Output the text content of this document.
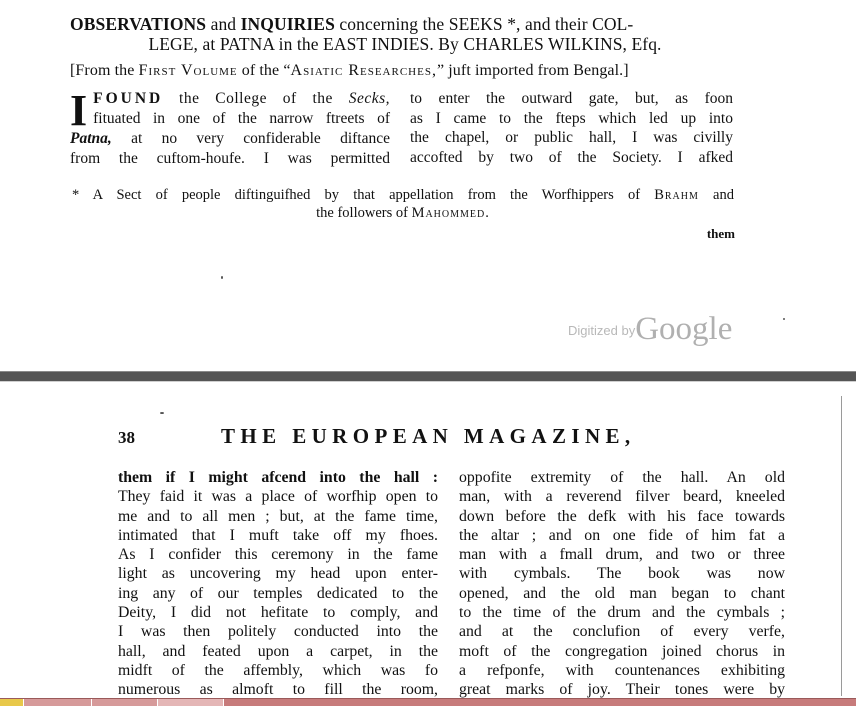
OBSERVATIONS and INQUIRIES concerning the SEEKS *, and their COL-
LEGE, at PATNA in the EAST INDIES. By CHARLES WILKINS, Efq.
[From the First Volume of the “Asiatic Researches,” juft imported from Bengal.]
I FOUND the College of the Secks,
fituated in one of the narrow ftreets of
Patna, at no very confiderable diftance
from the cuftom-houfe. I was permitted
to enter the outward gate, but, as foon
as I came to the fteps which led up into
the chapel, or public hall, I was civilly
accofted by two of the Society. I afked
* A Sect of people diftinguifhed by that appellation from the Worfhippers of Brahm and
the followers of Mahommed.
them
$^{Digitized by}$Google
38	THE EUROPEAN MAGAZINE,
them if I might afcend into the hall :
They faid it was a place of worfhip open to
me and to all men ; but, at the fame time,
intimated that I muft take off my fhoes.
As I confider this ceremony in the fame
light as uncovering my head upon enter-
ing any of our temples dedicated to the
Deity, I did not hefitate to comply, and
I was then politely conducted into the
hall, and feated upon a carpet, in the
midft of the affembly, which was fo
numerous as almoft to fill the room,
oppofite extremity of the hall. An old
man, with a reverend filver beard, kneeled
down before the defk with his face towards
the altar ; and on one fide of him fat a
man with a fmall drum, and two or three
with cymbals. The book was now
opened, and the old man began to chant
to the time of the drum and the cymbals ;
and at the conclufion of every verfe,
moft of the congregation joined chorus in
a refponfe, with countenances exhibiting
great marks of joy. Their tones were by
